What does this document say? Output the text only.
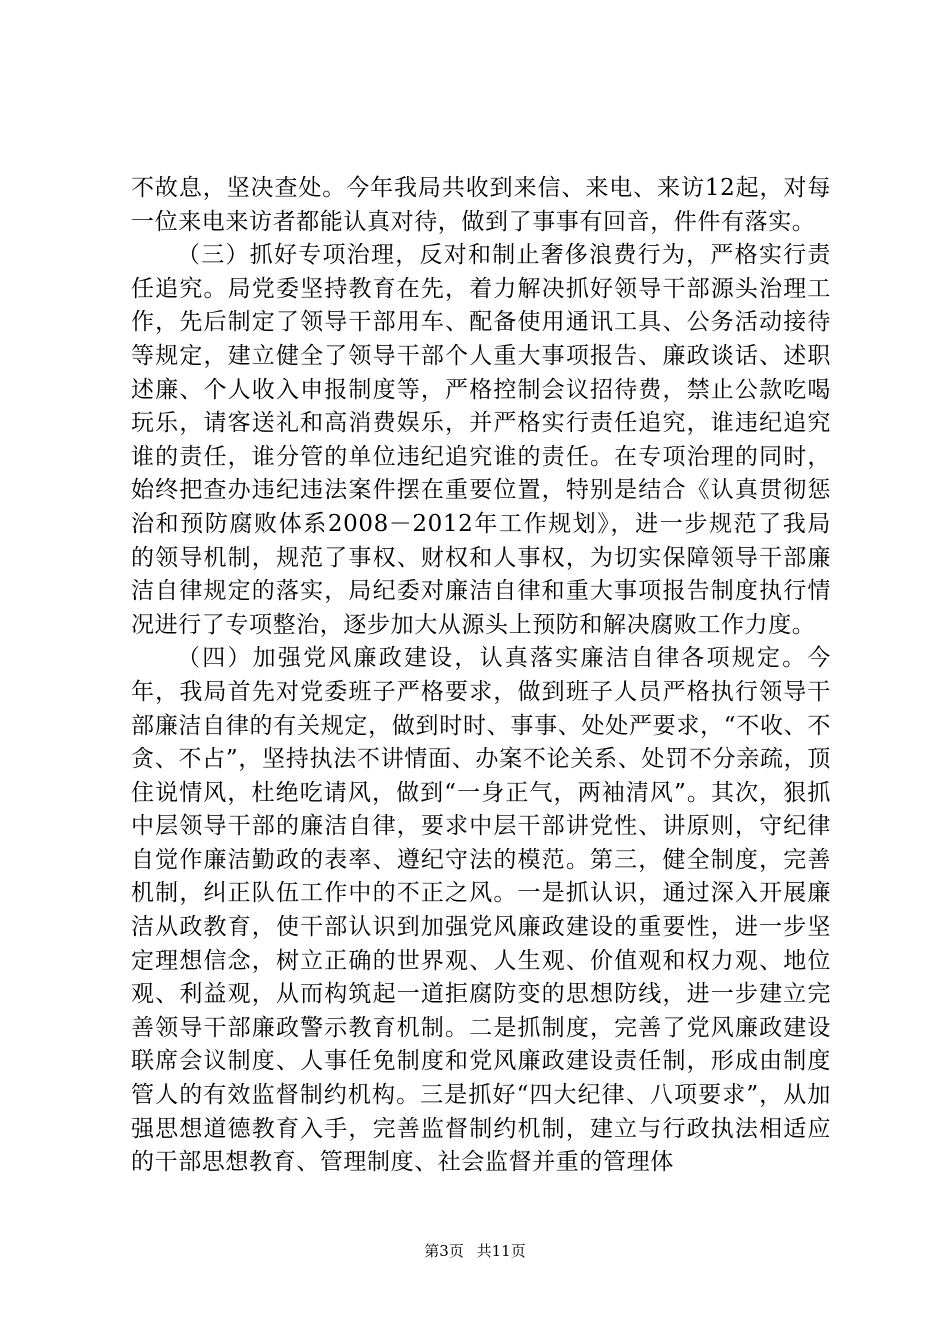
不故息，坚决查处。今年我局共收到来信、来电、来访12起，对每一位来电来访者都能认真对待，做到了事事有回音，件件有落实。

（三）抓好专项治理，反对和制止奢侈浪费行为，严格实行责任追究。局党委坚持教育在先，着力解决抓好领导干部源头治理工作，先后制定了领导干部用车、配备使用通讯工具、公务活动接待等规定，建立健全了领导干部个人重大事项报告、廉政谈话、述职述廉、个人收入申报制度等，严格控制会议招待费，禁止公款吃喝玩乐，请客送礼和高消费娱乐，并严格实行责任追究，谁违纪追究谁的责任，谁分管的单位违纪追究谁的责任。在专项治理的同时，始终把查办违纪违法案件摆在重要位置，特别是结合《认真贯彻惩治和预防腐败体系2008－2012年工作规划》，进一步规范了我局的领导机制，规范了事权、财权和人事权，为切实保障领导干部廉洁自律规定的落实，局纪委对廉洁自律和重大事项报告制度执行情况进行了专项整治，逐步加大从源头上预防和解决腐败工作力度。

（四）加强党风廉政建设，认真落实廉洁自律各项规定。今年，我局首先对党委班子严格要求，做到班子人员严格执行领导干部廉洁自律的有关规定，做到时时、事事、处处严要求，“不收、不贪、不占”，坚持执法不讲情面、办案不论关系、处罚不分亲疏，顶住说情风，杜绝吃请风，做到“一身正气，两袖清风”。其次，狠抓中层领导干部的廉洁自律，要求中层干部讲党性、讲原则，守纪律自觉作廉洁勤政的表率、遵纪守法的模范。第三，健全制度，完善机制，纠正队伍工作中的不正之风。一是抓认识，通过深入开展廉洁从政教育，使干部认识到加强党风廉政建设的重要性，进一步坚定理想信念，树立正确的世界观、人生观、价值观和权力观、地位观、利益观，从而构筑起一道拒腐防变的思想防线，进一步建立完善领导干部廉政警示教育机制。二是抓制度，完善了党风廉政建设联席会议制度、人事任免制度和党风廉政建设责任制，形成由制度管人的有效监督制约机构。三是抓好“四大纪律、八项要求”，从加强思想道德教育入手，完善监督制约机制，建立与行政执法相适应的干部思想教育、管理制度、社会监督并重的管理体

第3页 共11页
